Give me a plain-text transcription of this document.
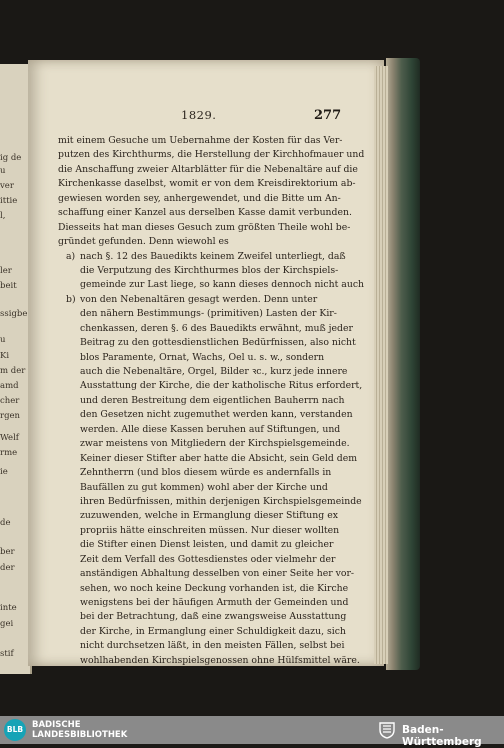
ig de
u
ver
ittie
l,
ler
beit
ssigbe
u
Ki
m der
amd
cher
rgen
Welf
rme
ie
de
ber
der
inte
gei
stif
1829.	277
mit einem Gesuche um Uebernahme der Kosten für das Ver-
putzen des Kirchthurms, die Herstellung der Kirchhofmauer und
die Anschaffung zweier Altarblätter für die Nebenaltäre auf die
Kirchenkasse daselbst, womit er von dem Kreisdirektorium ab-
gewiesen worden sey, anhergewendet, und die Bitte um An-
schaffung einer Kanzel aus derselben Kasse damit verbunden.
Diesseits hat man dieses Gesuch zum größten Theile wohl be-
gründet gefunden. Denn wiewohl es
a) nach §. 12 des Bauedikts keinem Zweifel unterliegt, daß
die Verputzung des Kirchthurmes blos der Kirchspiels-
gemeinde zur Last liege, so kann dieses dennoch nicht auch
b) von den Nebenaltären gesagt werden. Denn unter
den nähern Bestimmungs- (primitiven) Lasten der Kir-
chenkassen, deren §. 6 des Bauedikts erwähnt, muß jeder
Beitrag zu den gottesdienstlichen Bedürfnissen, also nicht
blos Paramente, Ornat, Wachs, Oel u. s. w., sondern
auch die Nebenaltäre, Orgel, Bilder ꝛc., kurz jede innere
Ausstattung der Kirche, die der katholische Ritus erfordert,
und deren Bestreitung dem eigentlichen Bauherrn nach
den Gesetzen nicht zugemuthet werden kann, verstanden
werden. Alle diese Kassen beruhen auf Stiftungen, und
zwar meistens von Mitgliedern der Kirchspielsgemeinde.
Keiner dieser Stifter aber hatte die Absicht, sein Geld dem
Zehntherrn (und blos diesem würde es andernfalls in
Baufällen zu gut kommen) wohl aber der Kirche und
ihren Bedürfnissen, mithin derjenigen Kirchspielsgemeinde
zuzuwenden, welche in Ermanglung dieser Stiftung ex
propriis hätte einschreiten müssen. Nur dieser wollten
die Stifter einen Dienst leisten, und damit zu gleicher
Zeit dem Verfall des Gottesdienstes oder vielmehr der
anständigen Abhaltung desselben von einer Seite her vor-
sehen, wo noch keine Deckung vorhanden ist, die Kirche
wenigstens bei der häufigen Armuth der Gemeinden und
bei der Betrachtung, daß eine zwangsweise Ausstattung
der Kirche, in Ermanglung einer Schuldigkeit dazu, sich
nicht durchsetzen läßt, in den meisten Fällen, selbst bei
wohlhabenden Kirchspielsgenossen ohne Hülfsmittel wäre.
BLB	BADISCHE
LANDESBIBLIOTHEK	Baden-Württemberg
